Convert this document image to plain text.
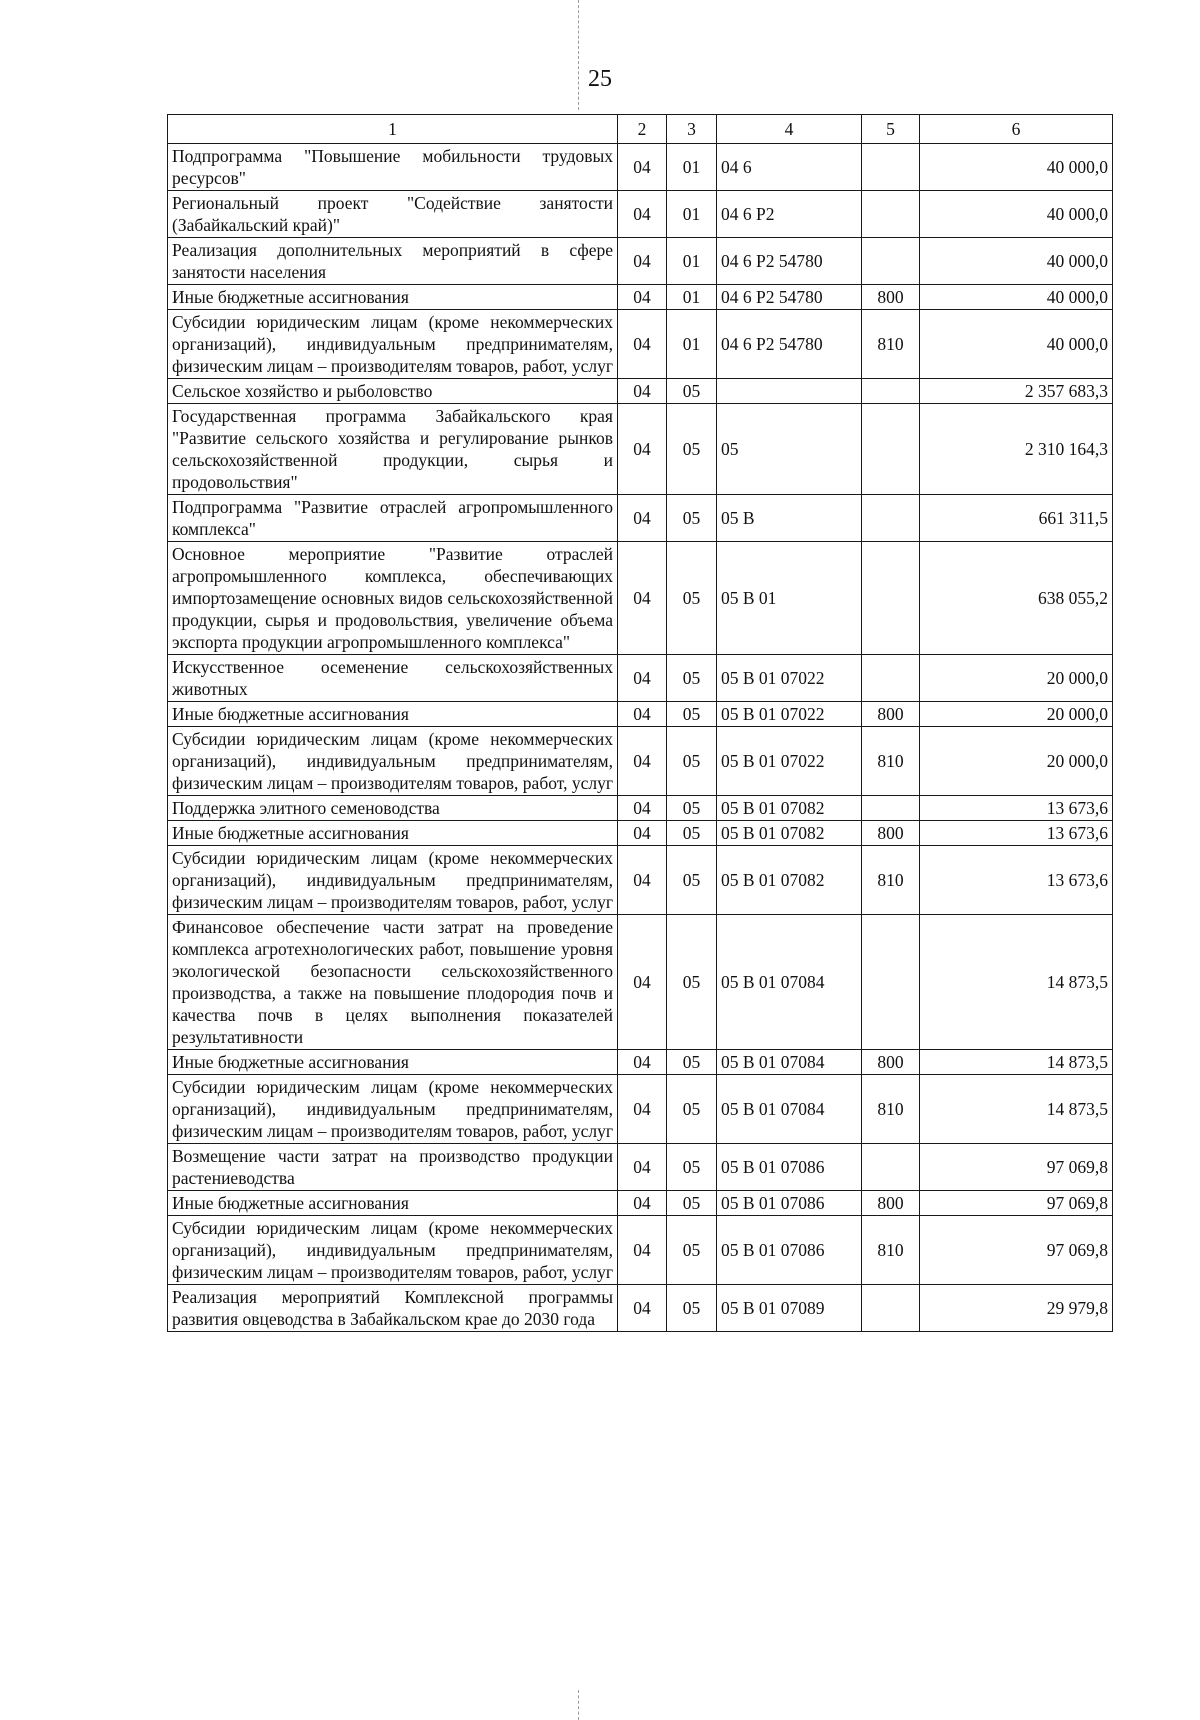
25
1	2	3	4	5	6
Подпрограмма "Повышение мобильности трудовых ресурсов"	04	01	04 6		40 000,0
Региональный проект "Содействие занятости (Забайкальский край)"	04	01	04 6 P2		40 000,0
Реализация дополнительных мероприятий в сфере занятости населения	04	01	04 6 P2 54780		40 000,0
Иные бюджетные ассигнования	04	01	04 6 P2 54780	800	40 000,0
Субсидии юридическим лицам (кроме некоммерческих организаций), индивидуальным предпринимателям, физическим лицам – производителям товаров, работ, услуг	04	01	04 6 P2 54780	810	40 000,0
Сельское хозяйство и рыболовство	04	05			2 357 683,3
Государственная программа Забайкальского края "Развитие сельского хозяйства и регулирование рынков сельскохозяйственной продукции, сырья и продовольствия"	04	05	05		2 310 164,3
Подпрограмма "Развитие отраслей агропромышленного комплекса"	04	05	05 В		661 311,5
Основное мероприятие "Развитие отраслей агропромышленного комплекса, обеспечивающих импортозамещение основных видов сельскохозяйственной продукции, сырья и продовольствия, увеличение объема экспорта продукции агропромышленного комплекса"	04	05	05 В 01		638 055,2
Искусственное осеменение сельскохозяйственных животных	04	05	05 В 01 07022		20 000,0
Иные бюджетные ассигнования	04	05	05 В 01 07022	800	20 000,0
Субсидии юридическим лицам (кроме некоммерческих организаций), индивидуальным предпринимателям, физическим лицам – производителям товаров, работ, услуг	04	05	05 В 01 07022	810	20 000,0
Поддержка элитного семеноводства	04	05	05 В 01 07082		13 673,6
Иные бюджетные ассигнования	04	05	05 В 01 07082	800	13 673,6
Субсидии юридическим лицам (кроме некоммерческих организаций), индивидуальным предпринимателям, физическим лицам – производителям товаров, работ, услуг	04	05	05 В 01 07082	810	13 673,6
Финансовое обеспечение части затрат на проведение комплекса агротехнологических работ, повышение уровня экологической безопасности сельскохозяйственного производства, а также на повышение плодородия почв и качества почв в целях выполнения показателей результативности	04	05	05 В 01 07084		14 873,5
Иные бюджетные ассигнования	04	05	05 В 01 07084	800	14 873,5
Субсидии юридическим лицам (кроме некоммерческих организаций), индивидуальным предпринимателям, физическим лицам – производителям товаров, работ, услуг	04	05	05 В 01 07084	810	14 873,5
Возмещение части затрат на производство продукции растениеводства	04	05	05 В 01 07086		97 069,8
Иные бюджетные ассигнования	04	05	05 В 01 07086	800	97 069,8
Субсидии юридическим лицам (кроме некоммерческих организаций), индивидуальным предпринимателям, физическим лицам – производителям товаров, работ, услуг	04	05	05 В 01 07086	810	97 069,8
Реализация мероприятий Комплексной программы развития овцеводства в Забайкальском крае до 2030 года	04	05	05 В 01 07089		29 979,8
